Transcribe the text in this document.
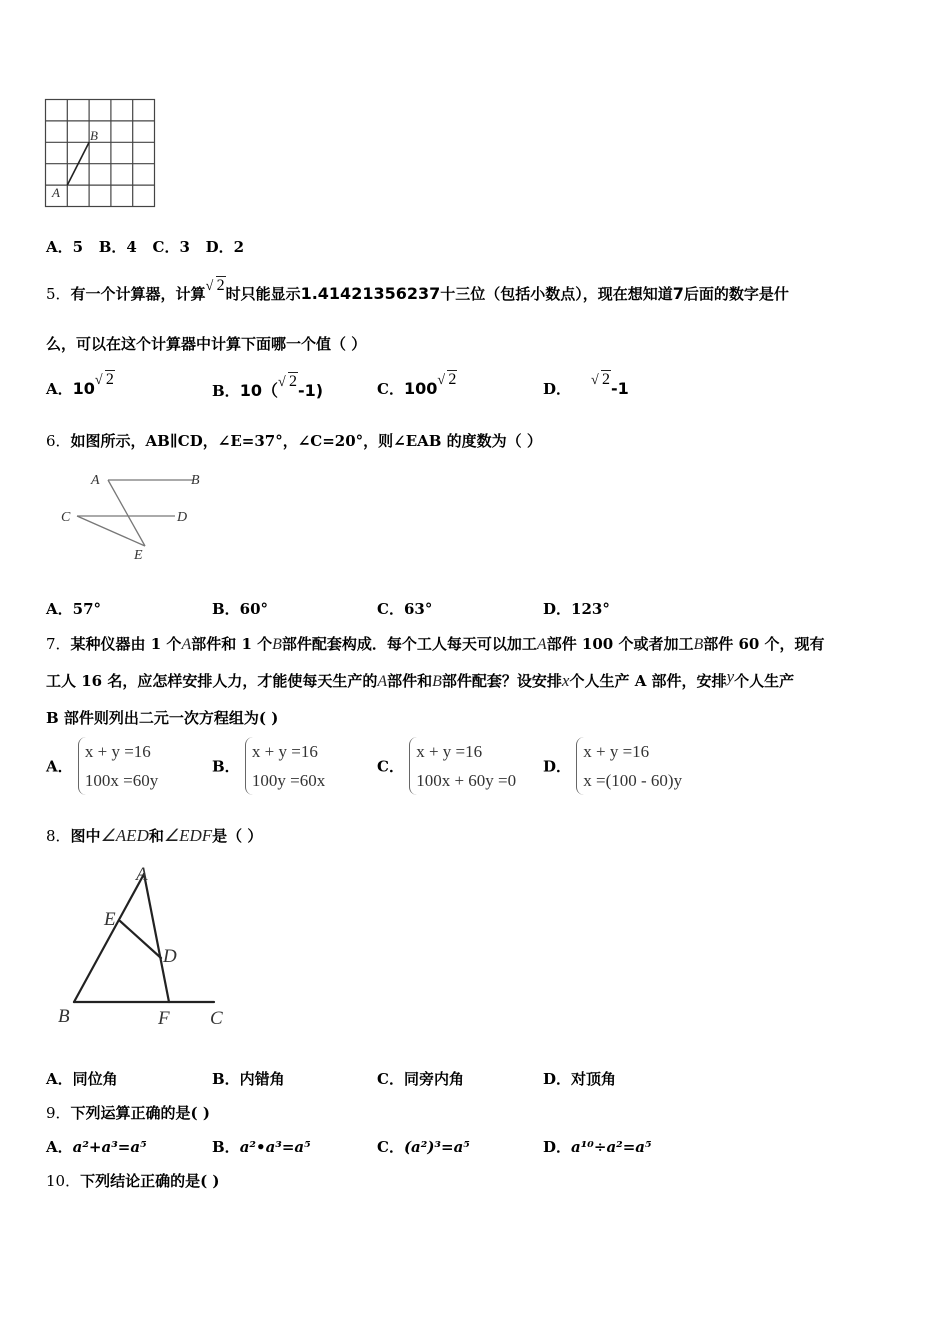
B
A
A．5 B．4 C．3 D．2
5．有一个计算器，计算 √ 2时只能显示1.41421356237十三位（包括小数点），现在想知道7后面的数字是什
么，可以在这个计算器中计算下面哪一个值（ ）
A．10 √ 2
B．10（ √ 2-1)	C．100 √ 2
D． √ 2-1
6．如图所示，AB∥CD，∠E=37°，∠C=20°，则∠EAB 的度数为（ ）
A	B
C	D
E
A．57°	B．60°	C．63°	D．123°
7．某种仪器由 1 个A部件和 1 个B部件配套构成．每个工人每天可以加工A部件 100 个或者加工B部件 60 个，现有
工人 16 名，应怎样安排人力，才能使每天生产的A部件和B部件配套？设安排x个人生产 A 部件，安排y个人生产
B 部件则列出二元一次方程组为( )
A． x + y =16
100x =60y
B． x + y =16
100y =60x
C． x + y =16
100x + 60y =0
D． x + y =16
x =(100 - 60)y
8．图中∠AED和∠EDF是（ ）
A
E
D
B	F C
A．同位角	B．内错角	C．同旁内角	D．对顶角
9．下列运算正确的是( )
A．a²+a³=a⁵	B．a²•a³=a⁵	C．(a²)³=a⁵	D．a¹⁰÷a²=a⁵
10．下列结论正确的是( )
